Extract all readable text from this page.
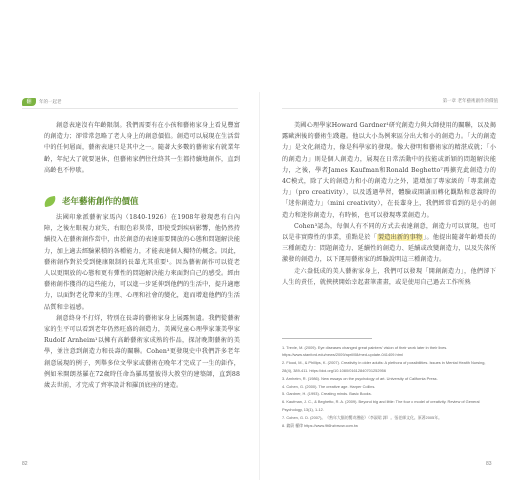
翻	年的一起老

創意表達沒有年齡限制。我們需要有在小孩和藝術家身上看見豐富的創造力；卻常常忽略了老人身上的創意價值。創造可以展現在生活當中的任何層面，藝術表達只是其中之一。隨著大多數的藝術家有就業年齡，年紀大了就要退休，但藝術家們往往終其一生都持續地創作，直到高齡也不停歇。

老年藝術創作的價值

法國印象派藝術家馬內（1840-1926）在1908年發現患有白內障，之後左眼視力衰失，右眼色彩異常，即使受到疾病影響，他仍然持續投入在藝術創作當中，由於創意的表達需要開放的心態和問題解決能力，加上適去經驗累積的各種能力，才能表達個人獨特的概念。因此，藝術創作對於受到健康限制的長輩尤其重要¹。因為藝術創作可以從老人以更開放的心態和更有彈性的問題解決能力來面對自己的感受。經由藝術創作獲得的這些能力，可以進一步延伸到他們的生活中，提升適應力，以面對老化帶來的生理、心理和社會的變化，進而增進他們的生活品質和幸福感。

創意終身不打烊，特別在長壽的藝術家身上展露無遺。我們從藝術家的生平可以看到老年仍然旺盛的創造力，美國兒童心理學家兼美學家Rudolf Arnheim¹以擁有高齡藝術家成熟的作品，探討晚期藝術的美學，並注意到創造力和長壽的關聯。Cohen³更發現史中我們許多老年創意展現的例子，列舉多位文學家或藝術在晚年才完成了一生的鉅作，例如米開朗基羅在72歲時任命為羅馬聖彼得大教堂的建築師，直到88歲去世前，才完成了齊寧設計和羅頂底座的建造。

82
第一章 老年藝術創作的價值

美國心理學家Howard Gardner¹研究創造力與大師使用的關聯，以及揭露歐洲後的藝術生踐趨。他以大小為例來區分出大和小的創造力。「大的創造力」是文化創造力，像是科學家的發現。像大發明和藝術家的精湛成就；「小的創造力」則是個人創造力，展現在日常活動中的技能或新穎的問題解決能力，之後，學者James Kaufman和Ronald Beghetto⁷再擴充此創造力的4C模式，除了大的創造力和小的創造力之外，還增加了專家級的「專業創造力」（pro creativity），以及透過學習，體驗或開讀而轉化觀點和意義時的「迷你創造力」（mini creativity），在長輩身上，我們經常看到的是小的創造力和迷你創造力，有時候，也可以發現專業創造力。

Cohen³認為，每個人有不同的方式去表達創意，創造力可以實現，也可以是非實際性的事業，重點是於「製造出新的事物」。他提出隨著年齡增長的三種創造力：問題創造力、延續性的創造力、延續或改變創造力，以及失落所激發的創造力，以下運用藝術家的經驗說明這三種創造力。

走六盎低成的美人藝術家身上，我們可以發現「開創創造力」，他們卻下人生的責任，就挾挾開始幸起畫筆畫畫，或是使用自己過去工作所熟

1. Trevle, M. (2009). Eye diseases changed great painters' vision of their work later in their lives. https://www.stanford.edu/news/2009/april/08/med-update-041409.html
2. Flood, M., & Phillips, K. (2007). Creativity in older adults: A plethora of possibilities. Issues in Mental Health Nursing, 28(4), 389-411. https://doi.org/10.1080/01612840701252956
3. Arnheim, R. (1986). New essays on the psychology of art. University of California Press.
4. Cohen, G. (2000). The creative age. Harper Collins.
5. Gardner, H. (1993). Creating minds. Basic Books.
6. Kaufman, J. C., & Beghetto, R. A. (2009). Beyond big and little: The four c model of creativity. Review of General Psychology, 13(1), 1-12.
7. Cohen, G. D. (2007)。《熟年大腦的驚奇潛能》（李淑珺 譯）。張老師文化。原著2005年。
8. 翁蔚 權律 https://www.9t6hzbrsvw.com.tw
83
